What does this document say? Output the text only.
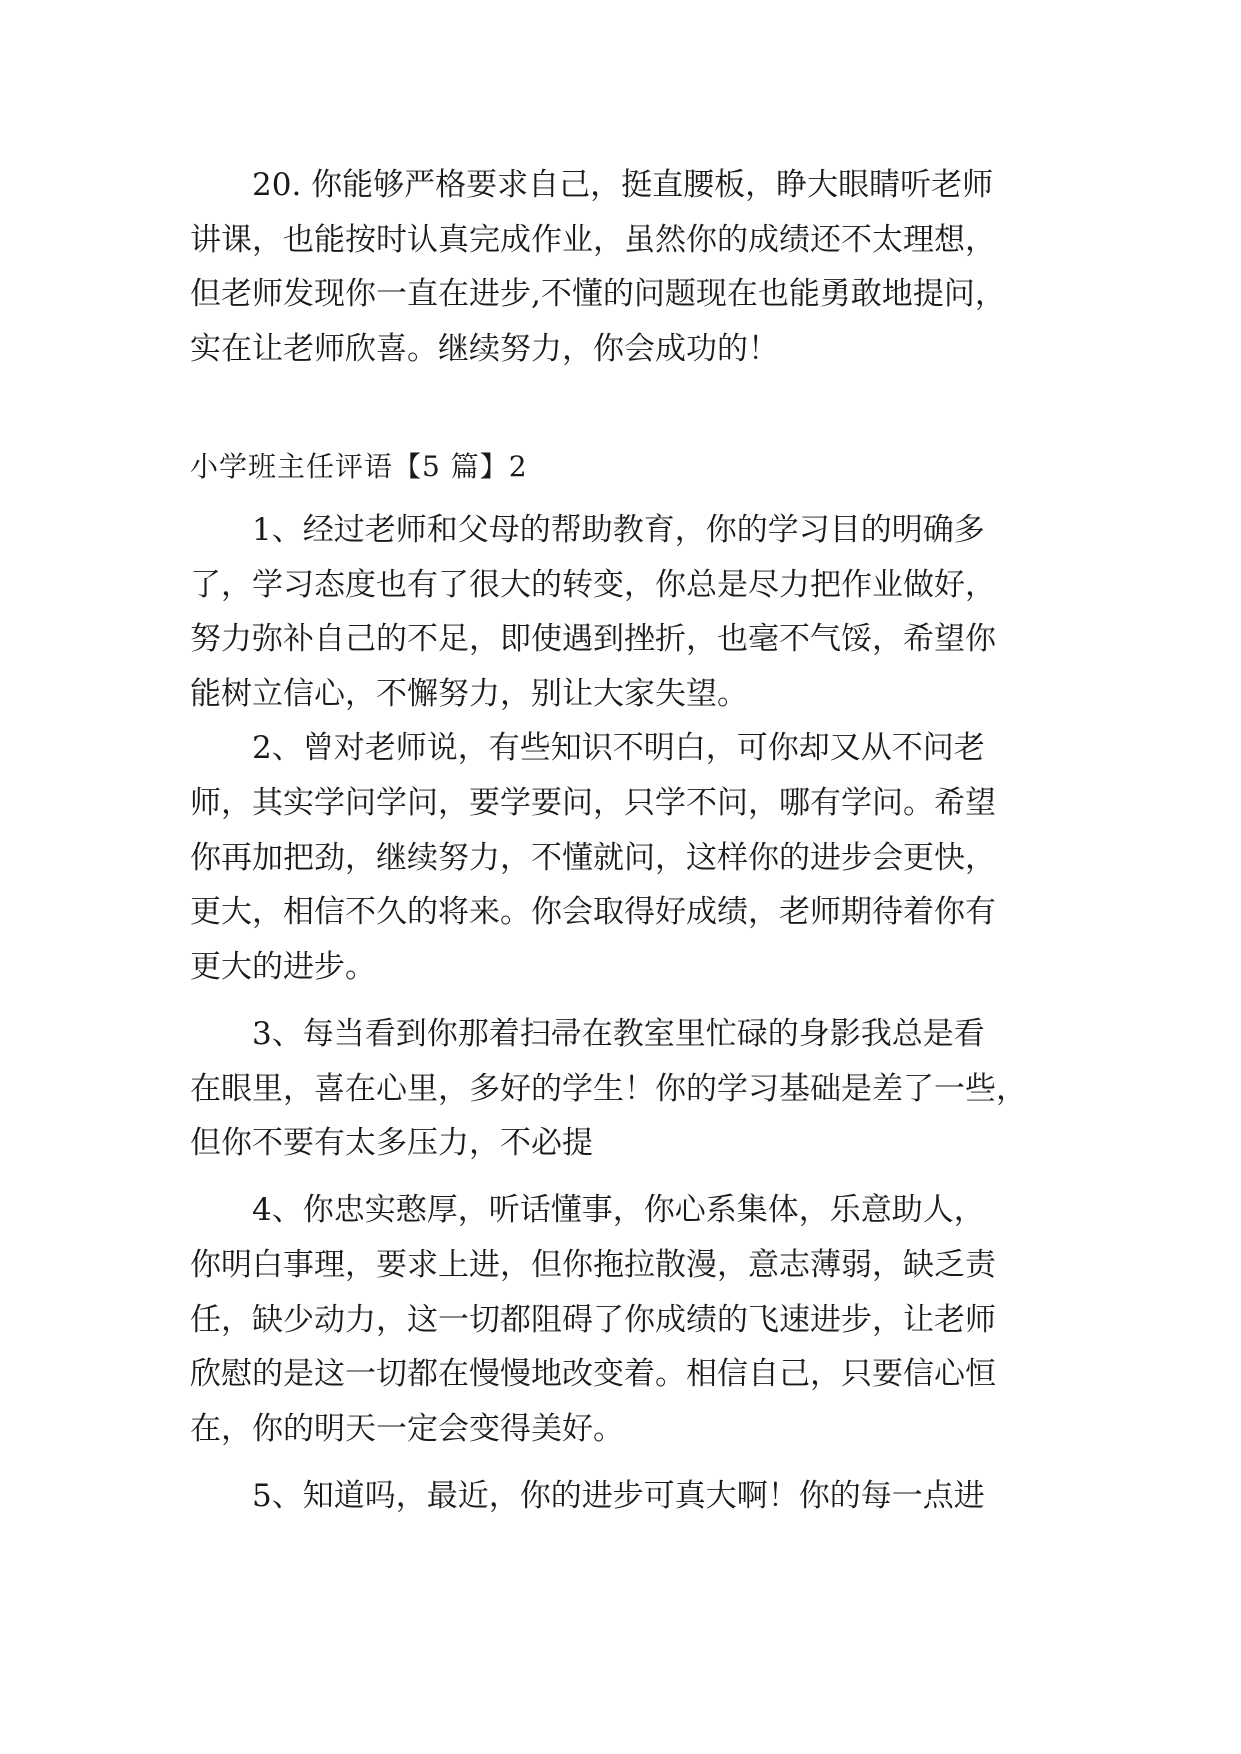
20. 你能够严格要求自己，挺直腰板，睁大眼睛听老师

讲课，也能按时认真完成作业，虽然你的成绩还不太理想，

但老师发现你一直在进步,不懂的问题现在也能勇敢地提问，

实在让老师欣喜。继续努力，你会成功的！

小学班主任评语【5 篇】2

1、经过老师和父母的帮助教育，你的学习目的明确多

了，学习态度也有了很大的转变，你总是尽力把作业做好，

努力弥补自己的不足，即使遇到挫折，也毫不气馁，希望你

能树立信心，不懈努力，别让大家失望。

2、曾对老师说，有些知识不明白，可你却又从不问老

师，其实学问学问，要学要问，只学不问，哪有学问。希望

你再加把劲，继续努力，不懂就问，这样你的进步会更快，

更大，相信不久的将来。你会取得好成绩，老师期待着你有

更大的进步。

3、每当看到你那着扫帚在教室里忙碌的身影我总是看

在眼里，喜在心里，多好的学生！你的学习基础是差了一些，

但你不要有太多压力，不必提

4、你忠实憨厚，听话懂事，你心系集体，乐意助人，

你明白事理，要求上进，但你拖拉散漫，意志薄弱，缺乏责

任，缺少动力，这一切都阻碍了你成绩的飞速进步，让老师

欣慰的是这一切都在慢慢地改变着。相信自己，只要信心恒

在，你的明天一定会变得美好。

5、知道吗，最近，你的进步可真大啊！你的每一点进
